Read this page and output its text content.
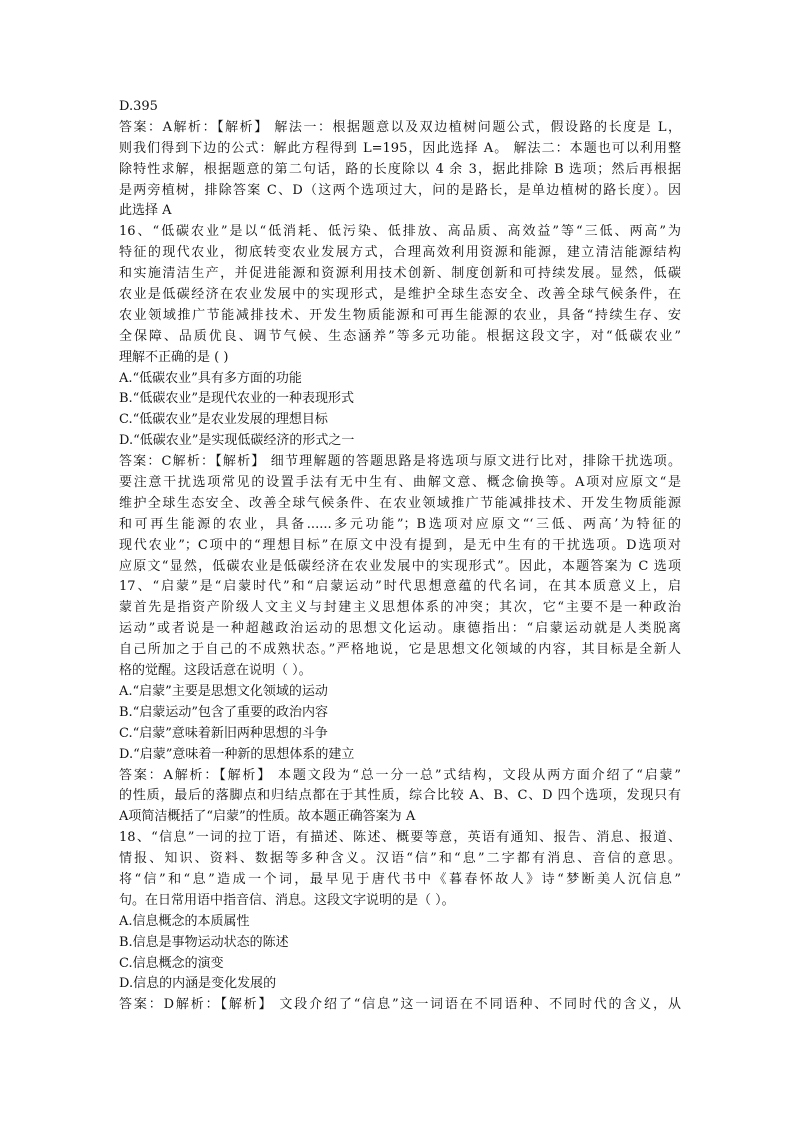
D.395
答案：A解析：【解析】 解法一：根据题意以及双边植树问题公式，假设路的长度是 L，
则我们得到下边的公式：解此方程得到 L=195，因此选择 A。 解法二：本题也可以利用整
除特性求解，根据题意的第二句话，路的长度除以 4 余 3，据此排除 B 选项；然后再根据
是两旁植树，排除答案 C、D（这两个选项过大，问的是路长，是单边植树的路长度）。因
此选择 A
16、“低碳农业”是以“低消耗、低污染、低排放、高品质、高效益”等“三低、两高”为
特征的现代农业，彻底转变农业发展方式，合理高效利用资源和能源，建立清洁能源结构
和实施清洁生产，并促进能源和资源利用技术创新、制度创新和可持续发展。显然，低碳
农业是低碳经济在农业发展中的实现形式，是维护全球生态安全、改善全球气候条件，在
农业领域推广节能减排技术、开发生物质能源和可再生能源的农业，具备“持续生存、安
全保障、品质优良、调节气候、生态涵养”等多元功能。根据这段文字，对“低碳农业”
理解不正确的是 ( )
A.“低碳农业”具有多方面的功能
B.“低碳农业”是现代农业的一种表现形式
C.“低碳农业”是农业发展的理想目标
D.“低碳农业”是实现低碳经济的形式之一
答案：C解析：【解析】 细节理解题的答题思路是将选项与原文进行比对，排除干扰选项。
要注意干扰选项常见的设置手法有无中生有、曲解文意、概念偷换等。A项对应原文“是
维护全球生态安全、改善全球气候条件、在农业领域推广节能减排技术、开发生物质能源
和可再生能源的农业，具备......多元功能”；B选项对应原文“‘三低、两高’为特征的
现代农业”；C项中的“理想目标”在原文中没有提到，是无中生有的干扰选项。D选项对
应原文“显然，低碳农业是低碳经济在农业发展中的实现形式”。因此，本题答案为 C 选项
17、“启蒙”是“启蒙时代”和“启蒙运动”时代思想意蕴的代名词，在其本质意义上，启
蒙首先是指资产阶级人文主义与封建主义思想体系的冲突；其次，它“主要不是一种政治
运动”或者说是一种超越政治运动的思想文化运动。康德指出：“启蒙运动就是人类脱离
自己所加之于自己的不成熟状态。”严格地说，它是思想文化领域的内容，其目标是全新人
格的觉醒。这段话意在说明（ ）。
A.“启蒙”主要是思想文化领域的运动
B.“启蒙运动”包含了重要的政治内容
C.“启蒙”意味着新旧两种思想的斗争
D.“启蒙”意味着一种新的思想体系的建立
答案：A解析：【解析】 本题文段为“总一分一总”式结构，文段从两方面介绍了“启蒙”
的性质，最后的落脚点和归结点都在于其性质，综合比较 A、B、C、D 四个选项，发现只有
A项简洁概括了“启蒙”的性质。故本题正确答案为 A
18、“信息”一词的拉丁语，有描述、陈述、概要等意，英语有通知、报告、消息、报道、
情报、知识、资料、数据等多种含义。汉语“信”和“息”二字都有消息、音信的意思。
将“信”和“息”造成一个词，最早见于唐代书中《暮春怀故人》诗“梦断美人沉信息”
句。在日常用语中指音信、消息。这段文字说明的是（ ）。
A.信息概念的本质属性
B.信息是事物运动状态的陈述
C.信息概念的演变
D.信息的内涵是变化发展的
答案：D解析：【解析】 文段介绍了“信息”这一词语在不同语种、不同时代的含义，从
